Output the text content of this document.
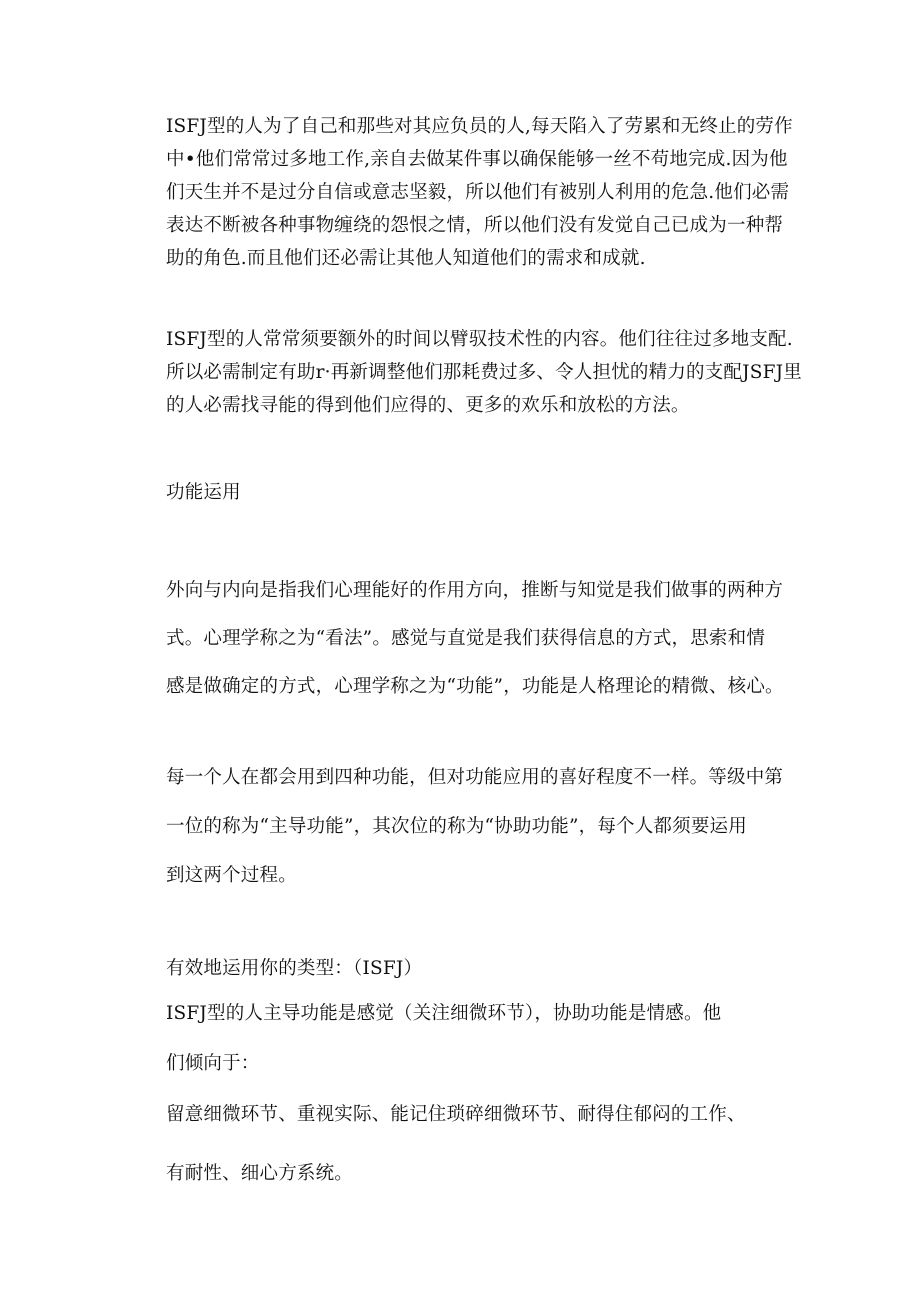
ISFJ型的人为了自己和那些对其应负员的人,每天陷入了劳累和无终止的劳作
中•他们常常过多地工作,亲自去做某件事以确保能够一丝不苟地完成.因为他
们天生并不是过分自信或意志坚毅，所以他们有被别人利用的危急.他们必需
表达不断被各种事物缠绕的怨恨之情，所以他们没有发觉自己已成为一种帮
助的角色.而且他们还必需让其他人知道他们的需求和成就.
ISFJ型的人常常须要额外的时间以臂驭技术性的内容。他们往往过多地支配.
所以必需制定有助r·再新调整他们那耗费过多、令人担忧的精力的支配JSFJ里
的人必需找寻能的得到他们应得的、更多的欢乐和放松的方法。
功能运用
外向与内向是指我们心理能好的作用方向，推断与知觉是我们做事的两种方
式。心理学称之为“看法”。感觉与直觉是我们获得信息的方式，思索和情
感是做确定的方式，心理学称之为“功能”，功能是人格理论的精微、核心。
每一个人在都会用到四种功能，但对功能应用的喜好程度不一样。等级中第
一位的称为“主导功能”，其次位的称为“协助功能”，每个人都须要运用
到这两个过程。
有效地运用你的类型：（ISFJ）
ISFJ型的人主导功能是感觉（关注细微环节），协助功能是情感。他
们倾向于：
留意细微环节、重视实际、能记住琐碎细微环节、耐得住郁闷的工作、
有耐性、细心方系统。
